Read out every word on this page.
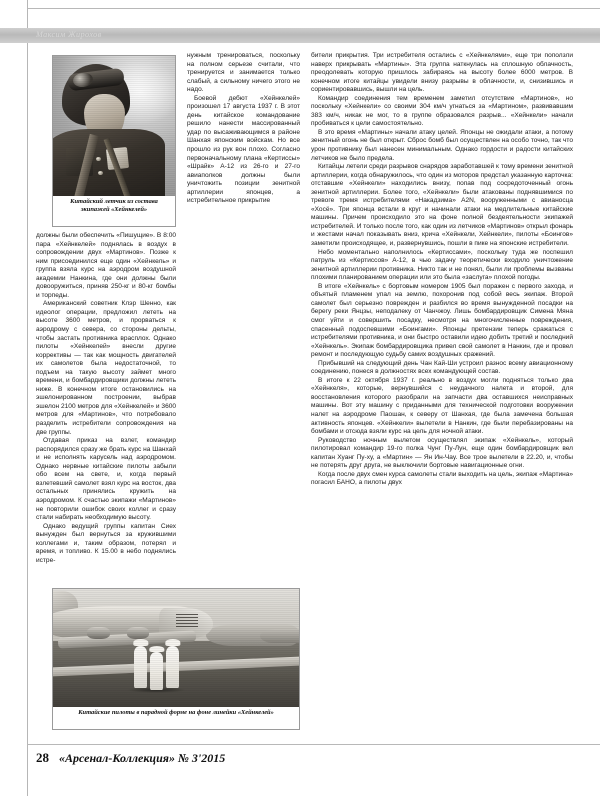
Максим Жирохов
Китайский летчик из состава экипажей «Хейнкелей»

должны были обеспечить «Пишущие». В 8:00 пара «Хейнкелей» поднялась в воздух в сопровождении двух «Мартинов». Позже к ним присоединился еще один «Хейнкель» и группа взяла курс на аэродром воздушной академии Нанкина, где они должны были довооружиться, приняв 250-кг и 80-кг бомбы и торпеды.

Американский советник Клэр Шенно, как идеолог операции, предложил лететь на высоте 3600 метров, и прорваться к аэродрому с севера, со стороны дельты, чтобы застать противника врасплох. Однако пилоты «Хейнкелей» внесли другие коррективы — так как мощность двигателей их самолетов была недостаточной, то подъем на такую высоту займет много времени, и бомбардировщики должны лететь ниже. В конечном итоге остановились на эшелонированном построении, выбрав эшелон 2100 метров для «Хейнкелей» и 3600 метров для «Мартинов», что потребовало разделить истребители сопровождения на две группы.

Отдавая приказ на взлет, командир распорядился сразу же брать курс на Шанхай и не исполнять карусель над аэродромом. Однако нервные китайские пилоты забыли обо всем на свете, и, когда первый взлетевший самолет взял курс на восток, два остальных принялись кружить на аэродромом. К счастью экипажи «Мартинов» не повторили ошибок своих коллег и сразу стали набирать необходимую высоту.

Однако ведущий группы капитан Сиех вынужден был вернуться за кружившими коллегами и, таким образом, потерял и время, и топливо. К 15.00 в небо поднялись истре-

нужным тренироваться, поскольку на полном серьезе считали, что тренируется и занимается только слабый, а сильному ничего этого не надо.

Боевой дебют «Хейнкелей» произошел 17 августа 1937 г. В этот день китайское командование решило нанести массированный удар по высаживающимся в районе Шанхая японским войскам. Но все прошло из рук вон плохо. Согласно первоначальному плана «Кертиссы» «Шрайк» А-12 из 26-го и 27-го авиаполков должны были уничтожить позиции зенитной артиллерии японцев, а истребительное прикрытие

бители прикрытия. Три истребителя остались с «Хейнкелями», еще три поползли наверх прикрывать «Мартины». Эта группа наткнулась на сплошную облачность, преодолевать которую пришлось забираясь на высоту более 6000 метров. В конечном итоге китайцы увидели внизу разрывы в облачности, и, снизившись и сориентировавшись, вышли на цель.

Командир соединения тем временем заметил отсутствие «Мартинов», но поскольку «Хейнкели» со своими 304 км/ч угнаться за «Мартином», развивавшим 383 км/ч, никак не мог, то в группе образовался разрыв... «Хейнкели» начали пробиваться к цели самостоятельно.

В это время «Мартины» начали атаку целей. Японцы не ожидали атаки, а потому зенитный огонь не был открыт. Сброс бомб был осуществлен на особо точно, так что урон противнику был нанесен минимальным. Однако гордости и радости китайских летчиков не было предела.

Китайцы летели среди разрывов снарядов заработавшей к тому времени зенитной артиллерии, когда обнаружилось, что один из моторов предстал указанную карточка: отставшие «Хейнкели» находились внизу, попав под сосредоточенный огонь зенитной артиллерии. Более того, «Хейнкели» были атакованы поднявшимися по тревоге тремя истребителями «Накадзима» A2N, вооруженными с авианосца «Хосё». Три японца встали в круг и начинали атаки на медлительные китайские машины. Причем происходило это на фоне полной бездеятельности экипажей истребителей. И только после того, как один из летчиков «Мартинов» открыл фонарь и жестами начал показывать вниз, крича «Хейнкели, Хейнкели», пилоты «Боингов» заметили происходящее, и, развернувшись, пошли в пике на японские истребители.

Небо моментально наполнилось «Кертиссами», поскольку туда же поспешил патруль из «Кертиссов» А-12, в чью задачу теоретически входило уничтожение зенитной артиллерии противника. Никто так и не понял, были ли проблемы вызваны плохими планированием операции или это была «заслуга» плохой погоды.

В итоге «Хейнкель» с бортовым номером 1905 был поражен с первого захода, и объятый пламенем упал на землю, похоронив под собой весь экипаж. Второй самолет был серьезно поврежден и разбился во время вынужденной посадки на берегу реки Янцзы, неподалеку от Чанчжоу. Лишь бомбардировщик Симена Мяна смог уйти и совершить посадку, несмотря на многочисленные повреждения, спасенный подоспевшими «Боингами». Японцы претензии теперь сражаться с истребителями противника, и они быстро оставили идею добить третий и последний «Хейнкель». Экипаж бомбардировщика привел свой самолет в Нанкин, где и провел ремонт и последующую судьбу самих воздушных сражений.

Прибывший на следующий день Чан Кай-Ши устроил разнос всему авиационному соединению, понеся в должностях всех командующей состав.

В итоге к 22 октября 1937 г. реально в воздух могли подняться только два «Хейнкеля», которые, вернувшийся с неудачного налета и второй, для восстановления которого разобрали на запчасти два оставшихся неисправных машины. Вот эту машину с приданными для технической подготовки вооружении налет на аэродроме Паошан, к северу от Шанхая, где была замечена большая активность японцев. «Хейнкели» вылетели в Нанкин, где были перебазированы на бомбами и отсюда взяли курс на цель для ночной атаки.

Руководство ночным вылетом осуществлял экипаж «Хейнкель», который пилотировал командир 19-го полка Чунг Пу-Лун, еще один бомбардировщик вел капитан Хуанг Пу-ху, а «Мартин» — Ян Ин-Чау. Все трое вылетели в 22.20, и, чтобы не потерять друг друга, не выключили бортовые навигационные огни.

Когда после двух смен курса самолеты стали выходить на цель, экипаж «Мартина» погасил БАНО, а пилоты двух

Китайские пилоты в парадной форме на фоне линейки «Хейнкелей»
28 «Арсенал-Коллекция» № 3'2015
